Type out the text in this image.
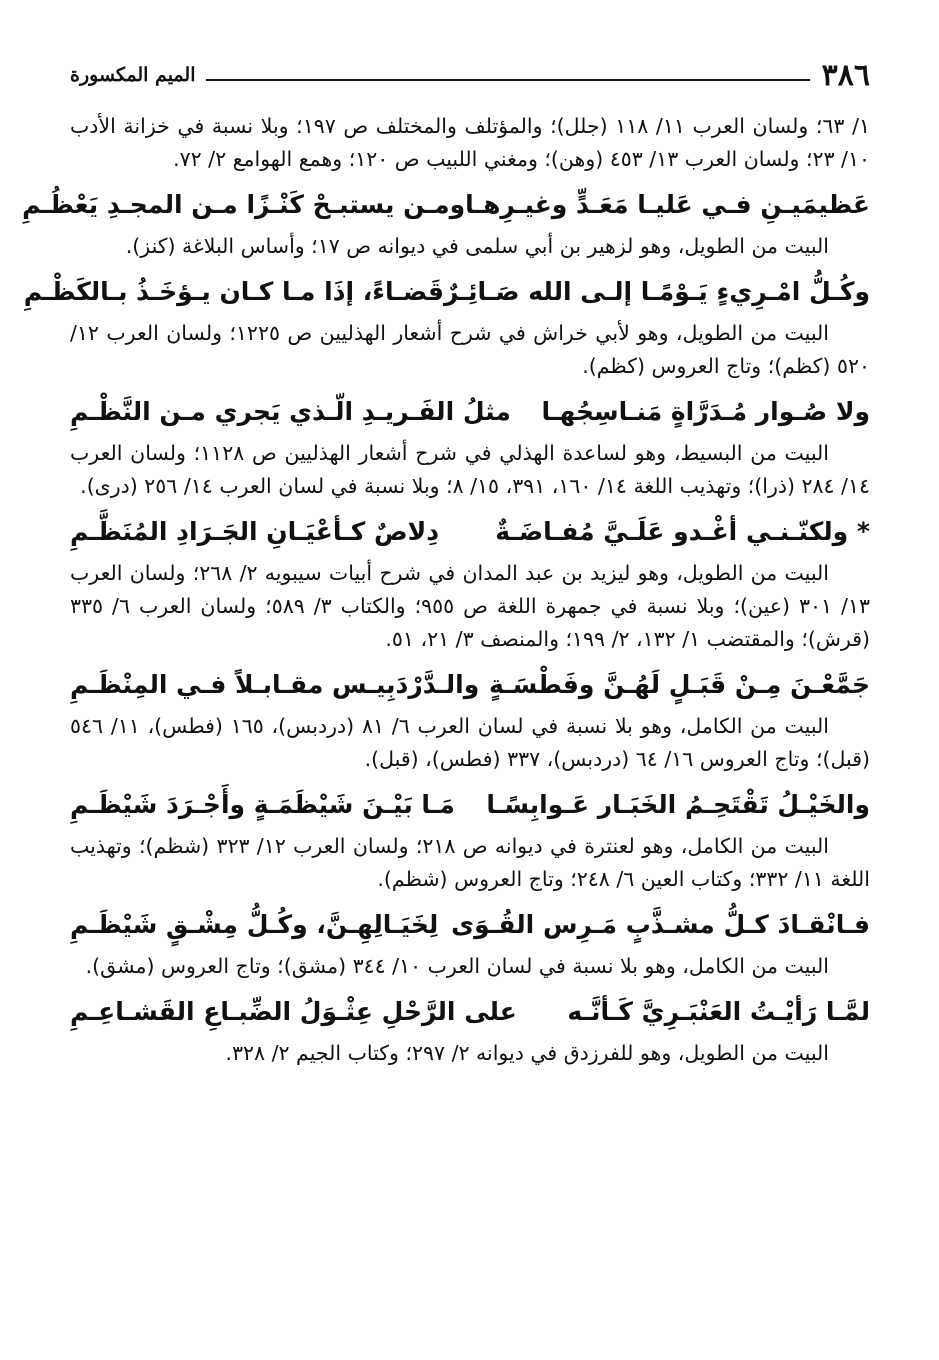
٣٨٦
الميم المكسورة

١/ ٦٣؛ ولسان العرب ١١/ ١١٨ (جلل)؛ والمؤتلف والمختلف ص ١٩٧؛ وبلا نسبة في خزانة الأدب ١٠/ ٢٣؛ ولسان العرب ١٣/ ٤٥٣ (وهن)؛ ومغني اللبيب ص ١٢٠؛ وهمع الهوامع ٢/ ٧٢.

عَظيمَيـنِ فـي عَليـا مَعَـدٍّ وغيـرِهـا
ومـن يستبـحْ كَنْـزًا مـن المجـدِ يَعْظُـمِ

البيت من الطويل، وهو لزهير بن أبي سلمى في ديوانه ص ١٧؛ وأساس البلاغة (كنز).

وكُـلُّ امْـرِيءٍ يَـوْمًـا إلـى الله صَـائِـرٌ
قَضـاءً، إذَا مـا كـان يـؤخَـذُ بـالكَظْـمِ

البيت من الطويل، وهو لأبي خراش في شرح أشعار الهذليين ص ١٢٢٥؛ ولسان العرب ١٢/ ٥٢٠ (كظم)؛ وتاج العروس (كظم).

ولا صُـوار مُـدَرَّاةٍ مَنـاسِجُهـا
مثلُ الفَـريـدِ الّـذي يَجري مـن النَّظْـمِ

البيت من البسيط، وهو لساعدة الهذلي في شرح أشعار الهذليين ص ١١٢٨؛ ولسان العرب ١٤/ ٢٨٤ (ذرا)؛ وتهذيب اللغة ١٤/ ١٦٠، ٣٩١، ١٥/ ٨؛ وبلا نسبة في لسان العرب ١٤/ ٢٥٦ (درى).

* ولكنّـنـي أغْـدو عَلَـيَّ مُفـاضَـةٌ
دِلاصٌ كـأعْيَـانِ الجَـرَادِ المُنَظَّـمِ

البيت من الطويل، وهو ليزيد بن عبد المدان في شرح أبيات سيبويه ٢/ ٢٦٨؛ ولسان العرب ١٣/ ٣٠١ (عين)؛ وبلا نسبة في جمهرة اللغة ص ٩٥٥؛ والكتاب ٣/ ٥٨٩؛ ولسان العرب ٦/ ٣٣٥ (قرش)؛ والمقتضب ١/ ١٣٢، ٢/ ١٩٩؛ والمنصف ٣/ ٢١، ٥١.

جَمَّعْـنَ مِـنْ قَبَـلٍ لَهُـنَّ وفَطْسَـةٍ
والـدَّرْدَبِيـس مقـابـلاً فـي المِنْظَـمِ

البيت من الكامل، وهو بلا نسبة في لسان العرب ٦/ ٨١ (دردبس)، ١٦٥ (فطس)، ١١/ ٥٤٦ (قبل)؛ وتاج العروس ١٦/ ٦٤ (دردبس)، ٣٣٧ (فطس)، (قبل).

والخَيْـلُ تَقْتَحِـمُ الخَبَـار عَـوابِسًـا
مَـا بَيْـنَ شَيْظَمَـةٍ وأَجْـرَدَ شَيْظَـمِ

البيت من الكامل، وهو لعنترة في ديوانه ص ٢١٨؛ ولسان العرب ١٢/ ٣٢٣ (شظم)؛ وتهذيب اللغة ١١/ ٣٣٢؛ وكتاب العين ٦/ ٢٤٨؛ وتاج العروس (شظم).

فـانْقـادَ كـلُّ مشـذَّبٍ مَـرِس القُـوَى
لِخَيَـالِهِـنَّ، وكُـلُّ مِشْـقٍ شَيْظَـمِ

البيت من الكامل، وهو بلا نسبة في لسان العرب ١٠/ ٣٤٤ (مشق)؛ وتاج العروس (مشق).

لمَّـا رَأيْـتُ العَنْبَـرِيَّ كَـأنَّـه
على الرَّحْلِ عِثْـوَلُ الضِّبـاعِ القَشـاعِـمِ

البيت من الطويل، وهو للفرزدق في ديوانه ٢/ ٢٩٧؛ وكتاب الجيم ٢/ ٣٢٨.
